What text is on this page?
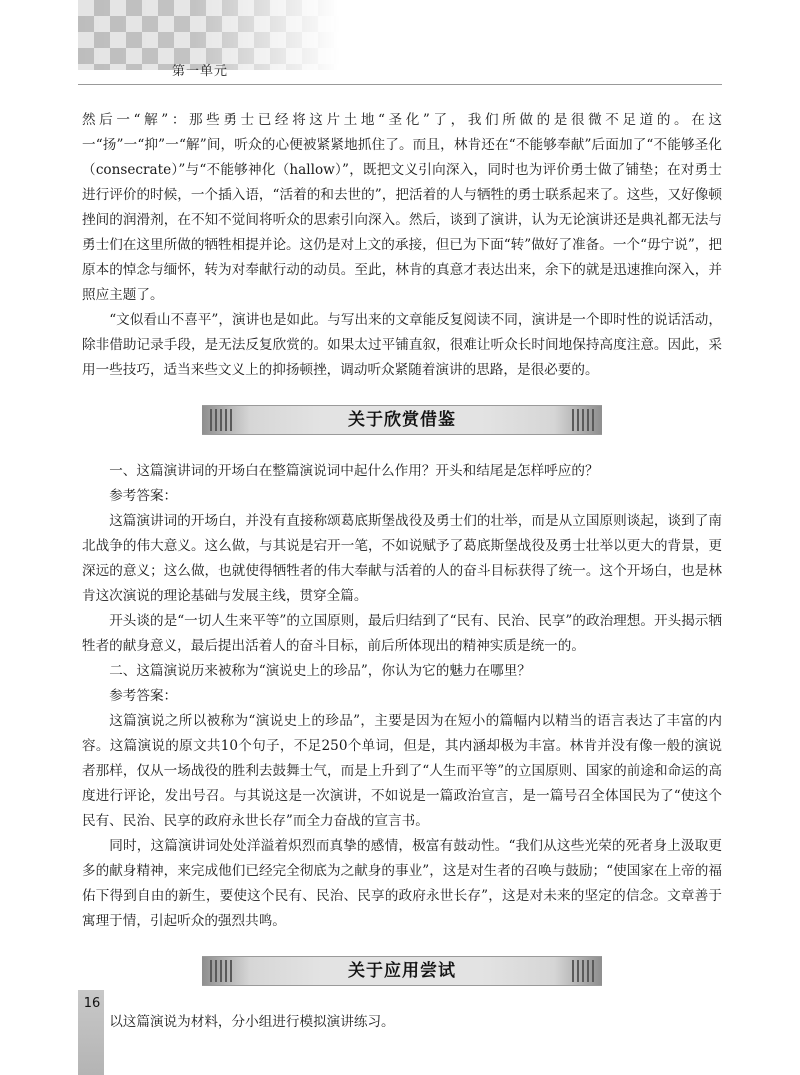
第一单元

然后一“解”：那些勇士已经将这片土地“圣化”了，我们所做的是很微不足道的。在这一“扬”一“抑”一“解”间，听众的心便被紧紧地抓住了。而且，林肯还在“不能够奉献”后面加了“不能够圣化（consecrate）”与“不能够神化（hallow）”，既把文义引向深入，同时也为评价勇士做了铺垫；在对勇士进行评价的时候，一个插入语，“活着的和去世的”，把活着的人与牺牲的勇士联系起来了。这些，又好像顿挫间的润滑剂，在不知不觉间将听众的思索引向深入。然后，谈到了演讲，认为无论演讲还是典礼都无法与勇士们在这里所做的牺牲相提并论。这仍是对上文的承接，但已为下面“转”做好了准备。一个“毋宁说”，把原本的悼念与缅怀，转为对奉献行动的动员。至此，林肯的真意才表达出来，余下的就是迅速推向深入，并照应主题了。

“文似看山不喜平”，演讲也是如此。与写出来的文章能反复阅读不同，演讲是一个即时性的说话活动，除非借助记录手段，是无法反复欣赏的。如果太过平铺直叙，很难让听众长时间地保持高度注意。因此，采用一些技巧，适当来些文义上的抑扬顿挫，调动听众紧随着演讲的思路，是很必要的。

关于欣赏借鉴

一、这篇演讲词的开场白在整篇演说词中起什么作用？开头和结尾是怎样呼应的？

参考答案：

这篇演讲词的开场白，并没有直接称颂葛底斯堡战役及勇士们的壮举，而是从立国原则谈起，谈到了南北战争的伟大意义。这么做，与其说是宕开一笔，不如说赋予了葛底斯堡战役及勇士壮举以更大的背景，更深远的意义；这么做，也就使得牺牲者的伟大奉献与活着的人的奋斗目标获得了统一。这个开场白，也是林肯这次演说的理论基础与发展主线，贯穿全篇。

开头谈的是“一切人生来平等”的立国原则，最后归结到了“民有、民治、民享”的政治理想。开头揭示牺牲者的献身意义，最后提出活着人的奋斗目标，前后所体现出的精神实质是统一的。

二、这篇演说历来被称为“演说史上的珍品”，你认为它的魅力在哪里？

参考答案：

这篇演说之所以被称为“演说史上的珍品”，主要是因为在短小的篇幅内以精当的语言表达了丰富的内容。这篇演说的原文共10个句子，不足250个单词，但是，其内涵却极为丰富。林肯并没有像一般的演说者那样，仅从一场战役的胜利去鼓舞士气，而是上升到了“人生而平等”的立国原则、国家的前途和命运的高度进行评论，发出号召。与其说这是一次演讲，不如说是一篇政治宣言，是一篇号召全体国民为了“使这个民有、民治、民享的政府永世长存”而全力奋战的宣言书。

同时，这篇演讲词处处洋溢着炽烈而真挚的感情，极富有鼓动性。“我们从这些光荣的死者身上汲取更多的献身精神，来完成他们已经完全彻底为之献身的事业”，这是对生者的召唤与鼓励；“使国家在上帝的福佑下得到自由的新生，要使这个民有、民治、民享的政府永世长存”，这是对未来的坚定的信念。文章善于寓理于情，引起听众的强烈共鸣。

关于应用尝试

以这篇演说为材料，分小组进行模拟演讲练习。

16
